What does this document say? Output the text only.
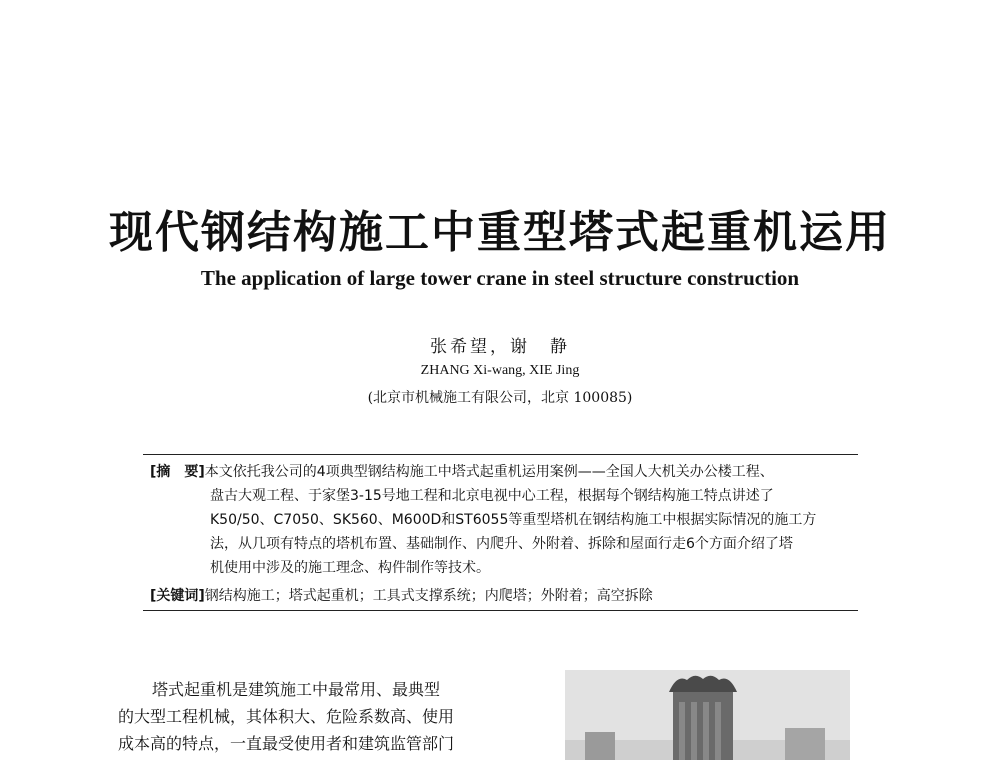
现代钢结构施工中重型塔式起重机运用
The application of large tower crane in steel structure construction
张希望，谢　静
ZHANG Xi-wang, XIE Jing
(北京市机械施工有限公司，北京 100085)
[摘　要]本文依托我公司的4项典型钢结构施工中塔式起重机运用案例——全国人大机关办公楼工程、
盘古大观工程、于家堡3-15号地工程和北京电视中心工程，根据每个钢结构施工特点讲述了
K50/50、C7050、SK560、M600D和ST6055等重型塔机在钢结构施工中根据实际情况的施工方
法，从几项有特点的塔机布置、基础制作、内爬升、外附着、拆除和屋面行走6个方面介绍了塔
机使用中涉及的施工理念、构件制作等技术。
[关键词]钢结构施工；塔式起重机；工具式支撑系统；内爬塔；外附着；高空拆除
塔式起重机是建筑施工中最常用、最典型
的大型工程机械，其体积大、危险系数高、使用
成本高的特点，一直最受使用者和建筑监管部门
